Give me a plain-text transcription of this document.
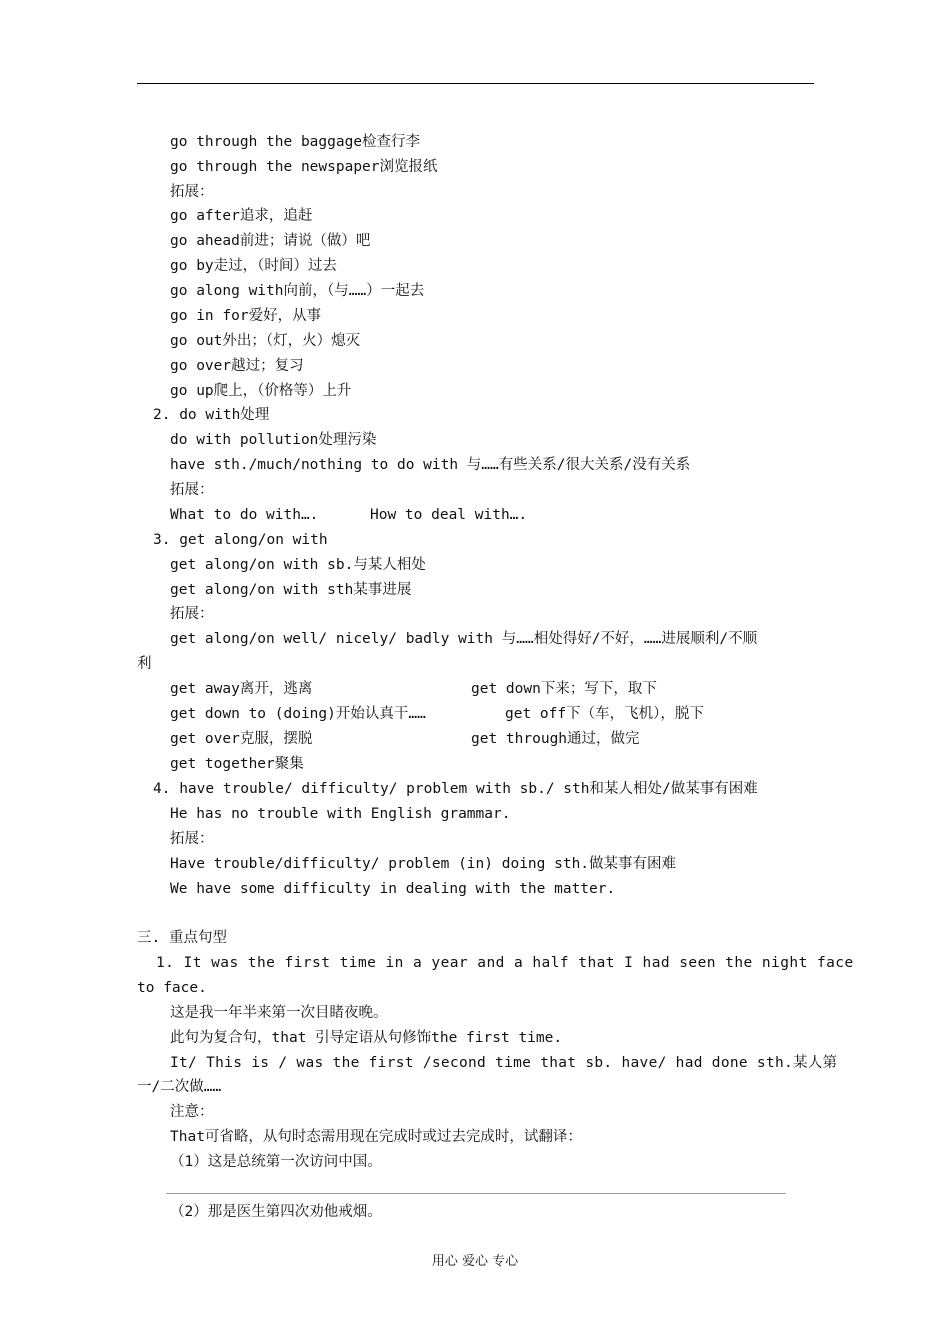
go through the baggage检查行李
go through the newspaper浏览报纸
拓展：
go after追求，追赶
go ahead前进；请说（做）吧
go by走过，（时间）过去
go along with向前，（与……）一起去
go in for爱好，从事
go out外出；（灯，火）熄灭
go over越过；复习
go up爬上，（价格等）上升
2. do with处理
do with pollution处理污染
have sth./much/nothing to do with 与……有些关系/很大关系/没有关系
拓展：
What to do with….	How to deal with….
3. get along/on with
get along/on with sb.与某人相处
get along/on with sth某事进展
拓展：
get along/on well/ nicely/ badly with 与……相处得好/不好，……进展顺利/不顺
利
get away离开，逃离	get down下来；写下，取下
get down to (doing)开始认真干……	get off下（车，飞机），脱下
get over克服，摆脱	get through通过，做完
get together聚集
4. have trouble/ difficulty/ problem with sb./ sth和某人相处/做某事有困难
He has no trouble with English grammar.
拓展：
Have trouble/difficulty/ problem (in) doing sth.做某事有困难
We have some difficulty in dealing with the matter.
三. 重点句型
1. It was the first time in a year and a half that I had seen the night face
to face.
这是我一年半来第一次目睹夜晚。
此句为复合句，that 引导定语从句修饰the first time.
It/ This is / was the first /second time that sb. have/ had done sth.某人第
一/二次做……
注意：
That可省略，从句时态需用现在完成时或过去完成时，试翻译：
（1）这是总统第一次访问中国。
（2）那是医生第四次劝他戒烟。
用心 爱心 专心
